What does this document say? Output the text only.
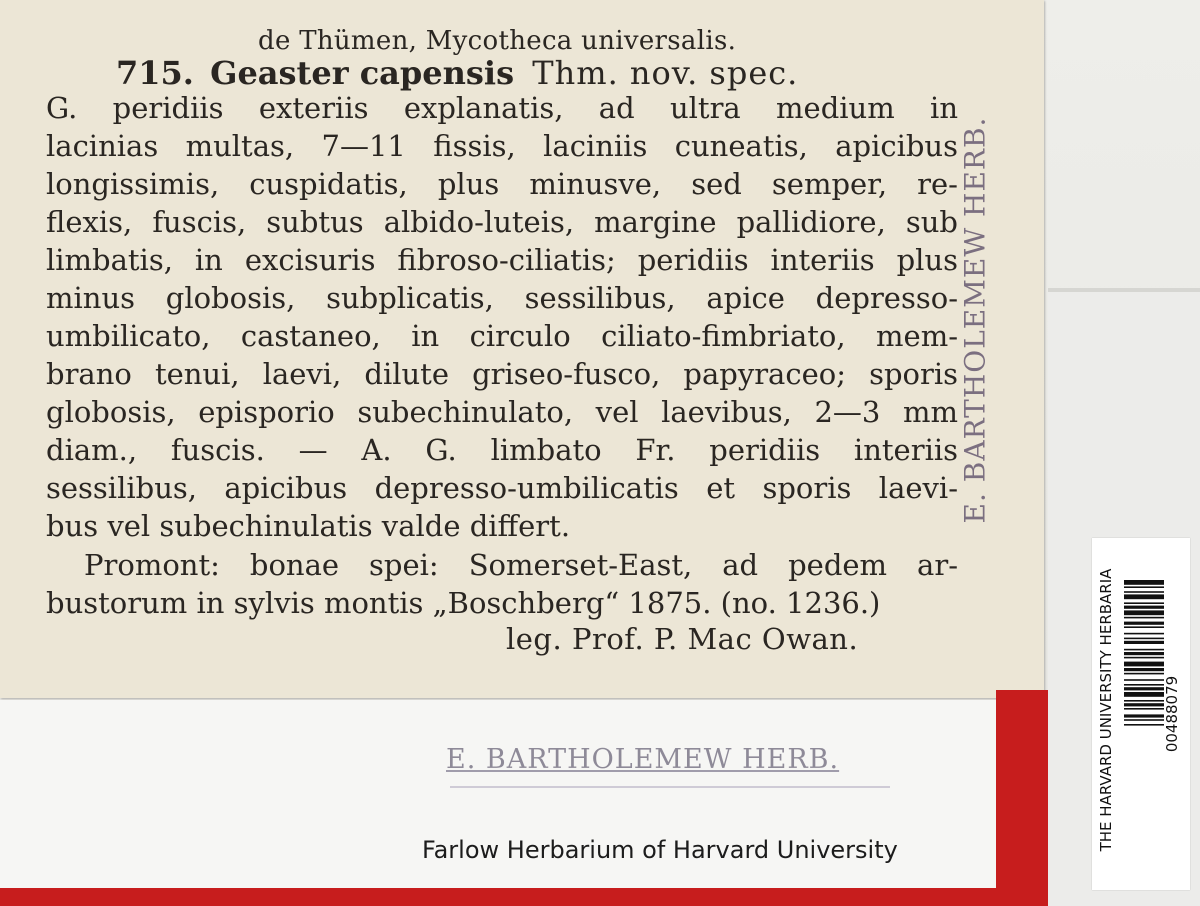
de Thümen, Mycotheca universalis.
715. Geaster capensis Thm. nov. spec.
G. peridiis exteriis explanatis, ad ultra medium in
lacinias multas, 7—11 fissis, laciniis cuneatis, apicibus
longissimis, cuspidatis, plus minusve, sed semper, re-
flexis, fuscis, subtus albido-luteis, margine pallidiore, sub
limbatis, in excisuris fibroso-ciliatis; peridiis interiis plus
minus globosis, subplicatis, sessilibus, apice depresso-
umbilicato, castaneo, in circulo ciliato-fimbriato, mem-
brano tenui, laevi, dilute griseo-fusco, papyraceo; sporis
globosis, episporio subechinulato, vel laevibus, 2—3 mm
diam., fuscis. — A. G. limbato Fr. peridiis interiis
sessilibus, apicibus depresso-umbilicatis et sporis laevi-
bus vel subechinulatis valde differt.
Promont: bonae spei: Somerset-East, ad pedem ar-
bustorum in sylvis montis „Boschberg“ 1875. (no. 1236.)
leg. Prof. P. Mac Owan.
E. BARTHOLEMEW HERB.
E. BARTHOLEMEW HERB.
Farlow Herbarium of Harvard University	THE HARVARD UNIVERSITY HERBARIA	00488079
